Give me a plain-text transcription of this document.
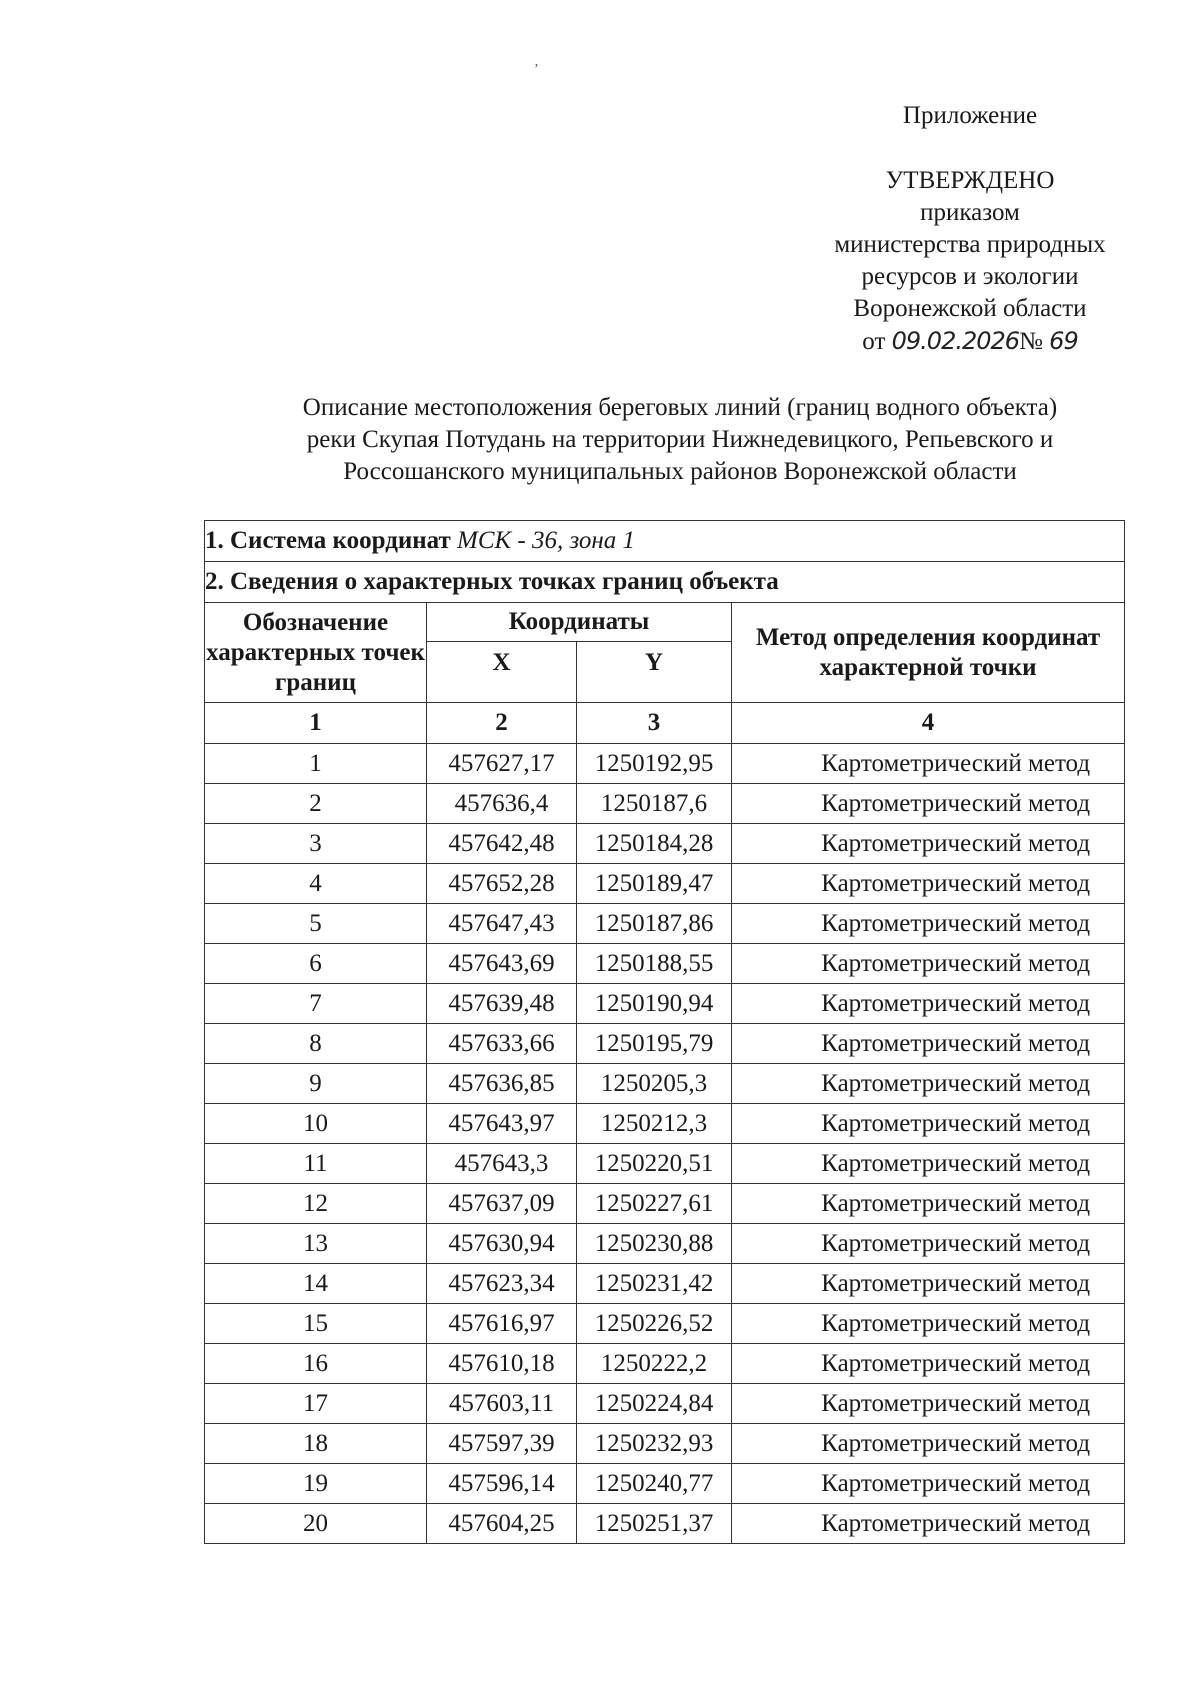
ʼ
Приложение
УТВЕРЖДЕНО
приказом
министерства природных
ресурсов и экологии
Воронежской области
от 09.02.2026№ 69
Описание местоположения береговых линий (границ водного объекта)
реки Скупая Потудань на территории Нижнедевицкого, Репьевского и
Россошанского муниципальных районов Воронежской области
1. Система координат МСК - 36, зона 1			
2. Сведения о характерных точках границ объекта			
Обозначение характерных точек границ	Координаты		Метод определения координат характерной точки
	X	Y	
1	2	3	4
1	457627,17	1250192,95	Картометрический метод
2	457636,4	1250187,6	Картометрический метод
3	457642,48	1250184,28	Картометрический метод
4	457652,28	1250189,47	Картометрический метод
5	457647,43	1250187,86	Картометрический метод
6	457643,69	1250188,55	Картометрический метод
7	457639,48	1250190,94	Картометрический метод
8	457633,66	1250195,79	Картометрический метод
9	457636,85	1250205,3	Картометрический метод
10	457643,97	1250212,3	Картометрический метод
11	457643,3	1250220,51	Картометрический метод
12	457637,09	1250227,61	Картометрический метод
13	457630,94	1250230,88	Картометрический метод
14	457623,34	1250231,42	Картометрический метод
15	457616,97	1250226,52	Картометрический метод
16	457610,18	1250222,2	Картометрический метод
17	457603,11	1250224,84	Картометрический метод
18	457597,39	1250232,93	Картометрический метод
19	457596,14	1250240,77	Картометрический метод
20	457604,25	1250251,37	Картометрический метод
